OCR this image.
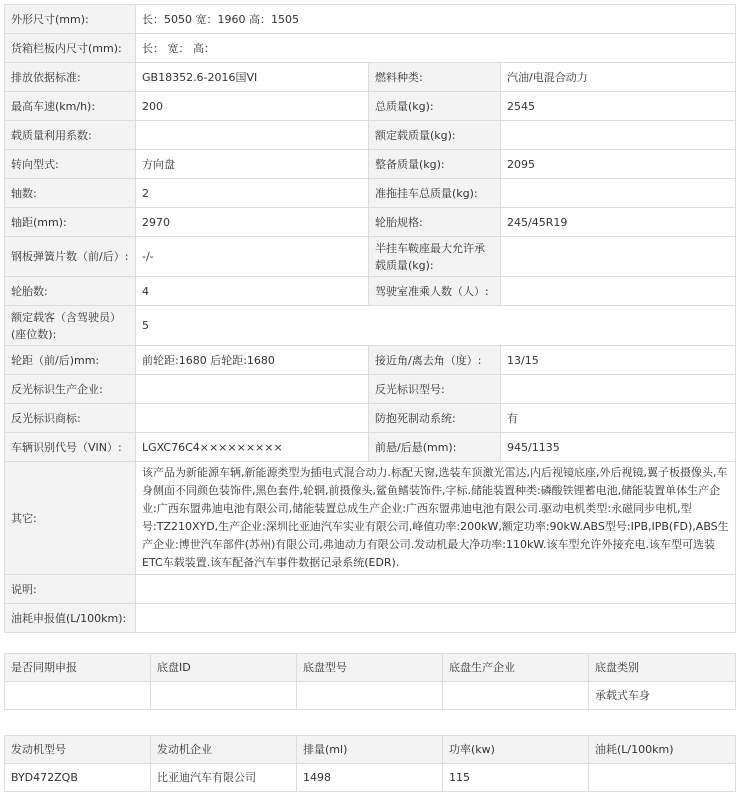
外形尺寸(mm):	长：5050 宽：1960 高：1505		
货箱栏板内尺寸(mm):	长： 宽： 高：		
排放依据标准:	GB18352.6-2016国VI	燃料种类:	汽油/电混合动力
最高车速(km/h):	200	总质量(kg):	2545
载质量利用系数:		额定载质量(kg):	
转向型式:	方向盘	整备质量(kg):	2095
轴数:	2	准拖挂车总质量(kg):	
轴距(mm):	2970	轮胎规格:	245/45R19
钢板弹簧片数（前/后）:	-/-	半挂车鞍座最大允许承载质量(kg):	
轮胎数:	4	驾驶室准乘人数（人）:	
额定载客（含驾驶员）(座位数):	5		
轮距（前/后)mm:	前轮距:1680 后轮距:1680	接近角/离去角（度）:	13/15
反光标识生产企业:		反光标识型号:	
反光标识商标:		防抱死制动系统:	有
车辆识别代号（VIN）:	LGXC76C4×××××××××	前悬/后悬(mm):	945/1135
其它:	该产品为新能源车辆,新能源类型为插电式混合动力.标配天窗,选装车顶激光雷达,内后视镜底座,外后视镜,翼子板摄像头,车身侧面不同颜色装饰件,黑色套件,轮辋,前摄像头,鲨鱼鳍装饰件,字标.储能装置种类:磷酸铁锂蓄电池,储能装置单体生产企业:广西东盟弗迪电池有限公司,储能装置总成生产企业:广西东盟弗迪电池有限公司.驱动电机类型:永磁同步电机,型号:TZ210XYD,生产企业:深圳比亚迪汽车实业有限公司,峰值功率:200kW,额定功率:90kW.ABS型号:IPB,IPB(FD),ABS生产企业:博世汽车部件(苏州)有限公司,弗迪动力有限公司.发动机最大净功率:110kW.该车型允许外接充电.该车型可选装ETC车载装置.该车配备汽车事件数据记录系统(EDR).		
说明:			
油耗申报值(L/100km):			
是否同期申报	底盘ID	底盘型号	底盘生产企业	底盘类别
				承载式车身
发动机型号	发动机企业	排量(ml)	功率(kw)	油耗(L/100km)
BYD472ZQB	比亚迪汽车有限公司	1498	115	
